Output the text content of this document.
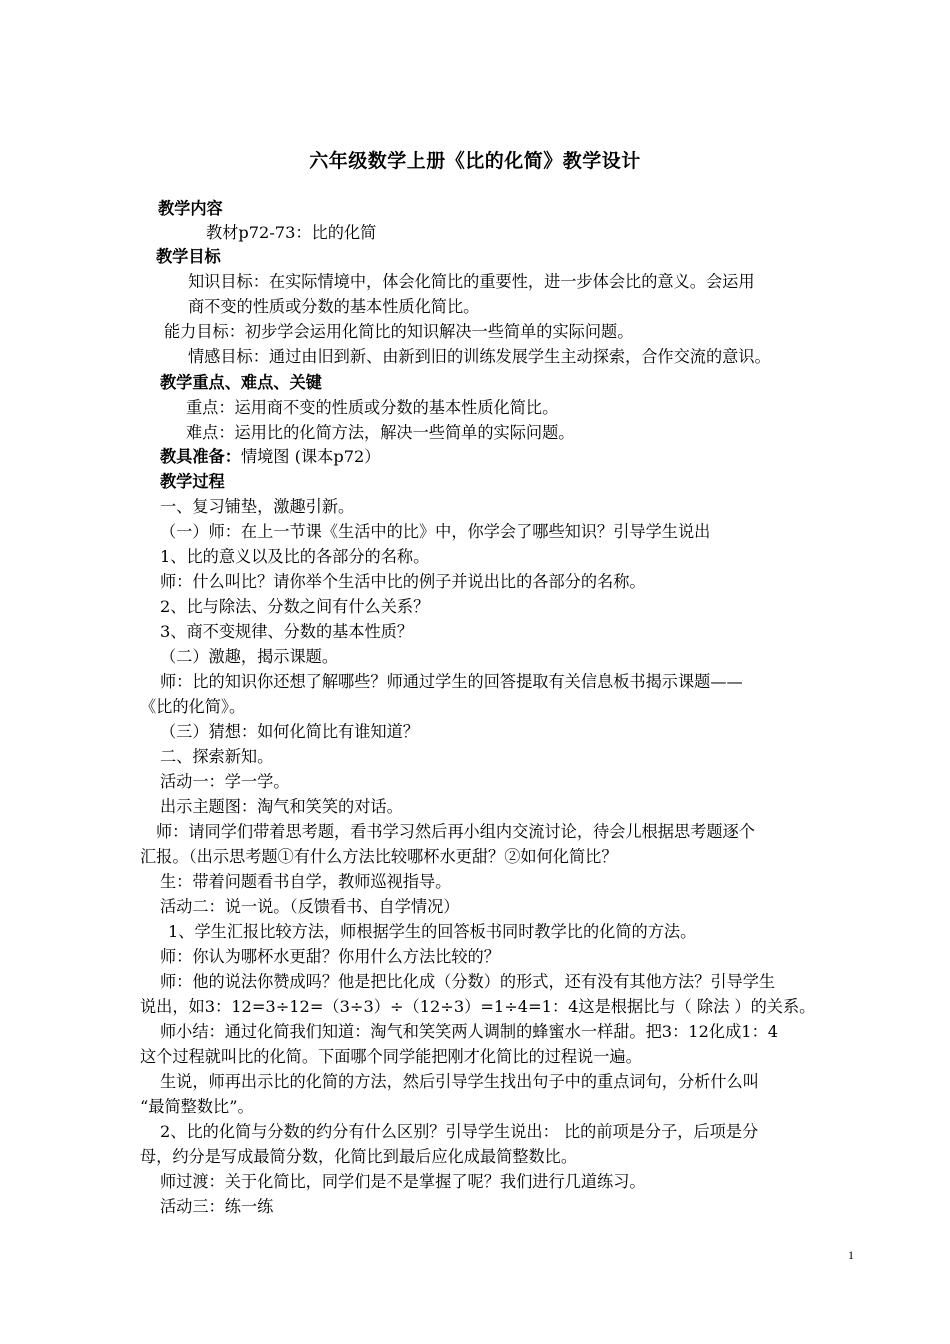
六年级数学上册《比的化简》教学设计
教学内容
教材p72-73：比的化简
教学目标
知识目标：在实际情境中，体会化简比的重要性，进一步体会比的意义。会运用
商不变的性质或分数的基本性质化简比。
能力目标：初步学会运用化简比的知识解决一些简单的实际问题。
情感目标：通过由旧到新、由新到旧的训练发展学生主动探索，合作交流的意识。
教学重点、难点、关键
重点：运用商不变的性质或分数的基本性质化简比。
难点：运用比的化简方法，解决一些简单的实际问题。
教具准备：情境图 (课本p72）
教学过程
一、复习铺垫，激趣引新。
（一）师：在上一节课《生活中的比》中，你学会了哪些知识？引导学生说出
1、比的意义以及比的各部分的名称。
师：什么叫比？请你举个生活中比的例子并说出比的各部分的名称。
2、比与除法、分数之间有什么关系？
3、商不变规律、分数的基本性质？
（二）激趣，揭示课题。
师：比的知识你还想了解哪些？师通过学生的回答提取有关信息板书揭示课题——
《比的化简》。
（三）猜想：如何化简比有谁知道？
二、探索新知。
活动一：学一学。
出示主题图：淘气和笑笑的对话。
师：请同学们带着思考题，看书学习然后再小组内交流讨论，待会儿根据思考题逐个
汇报。（出示思考题①有什么方法比较哪杯水更甜？②如何化简比？
生：带着问题看书自学，教师巡视指导。
活动二：说一说。（反馈看书、自学情况）
1、学生汇报比较方法，师根据学生的回答板书同时教学比的化简的方法。
师：你认为哪杯水更甜？你用什么方法比较的？
师：他的说法你赞成吗？他是把比化成（分数）的形式，还有没有其他方法？引导学生
说出，如3：12=3÷12=（3÷3）÷（12÷3）=1÷4=1：4这是根据比与（ 除法 ）的关系。
师小结：通过化简我们知道：淘气和笑笑两人调制的蜂蜜水一样甜。把3：12化成1：4
这个过程就叫比的化简。下面哪个同学能把刚才化简比的过程说一遍。
生说，师再出示比的化简的方法，然后引导学生找出句子中的重点词句，分析什么叫
“最简整数比”。
2、比的化简与分数的约分有什么区别？引导学生说出： 比的前项是分子，后项是分
母，约分是写成最简分数，化简比到最后应化成最简整数比。
师过渡：关于化简比，同学们是不是掌握了呢？我们进行几道练习。
活动三：练一练
1
